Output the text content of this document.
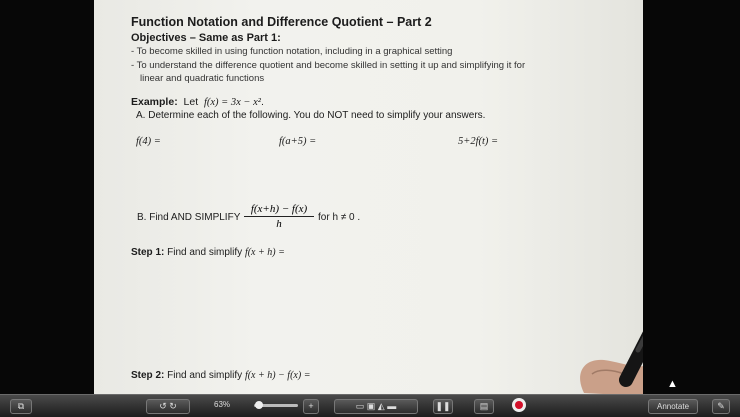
Function Notation and Difference Quotient – Part 2
Objectives – Same as Part 1:
- To become skilled in using function notation, including in a graphical setting
- To understand the difference quotient and become skilled in setting it up and simplifying it for
linear and quadratic functions
Example: Let f(x) = 3x − x².
A. Determine each of the following. You do NOT need to simplify your answers.
f(4) =	f(a+5) =	5+2f(t) =
B. Find AND SIMPLIFY $\frac{f(x+h) - f(x)}{h}$ for h ≠ 0 .
Step 1: Find and simplify f(x + h) =
Step 2: Find and simplify f(x + h) − f(x) =
▲
⧉	↺ ↻	63%	+	▭ ▣ ◭ ▬	❚❚	▤	Annotate	✎
